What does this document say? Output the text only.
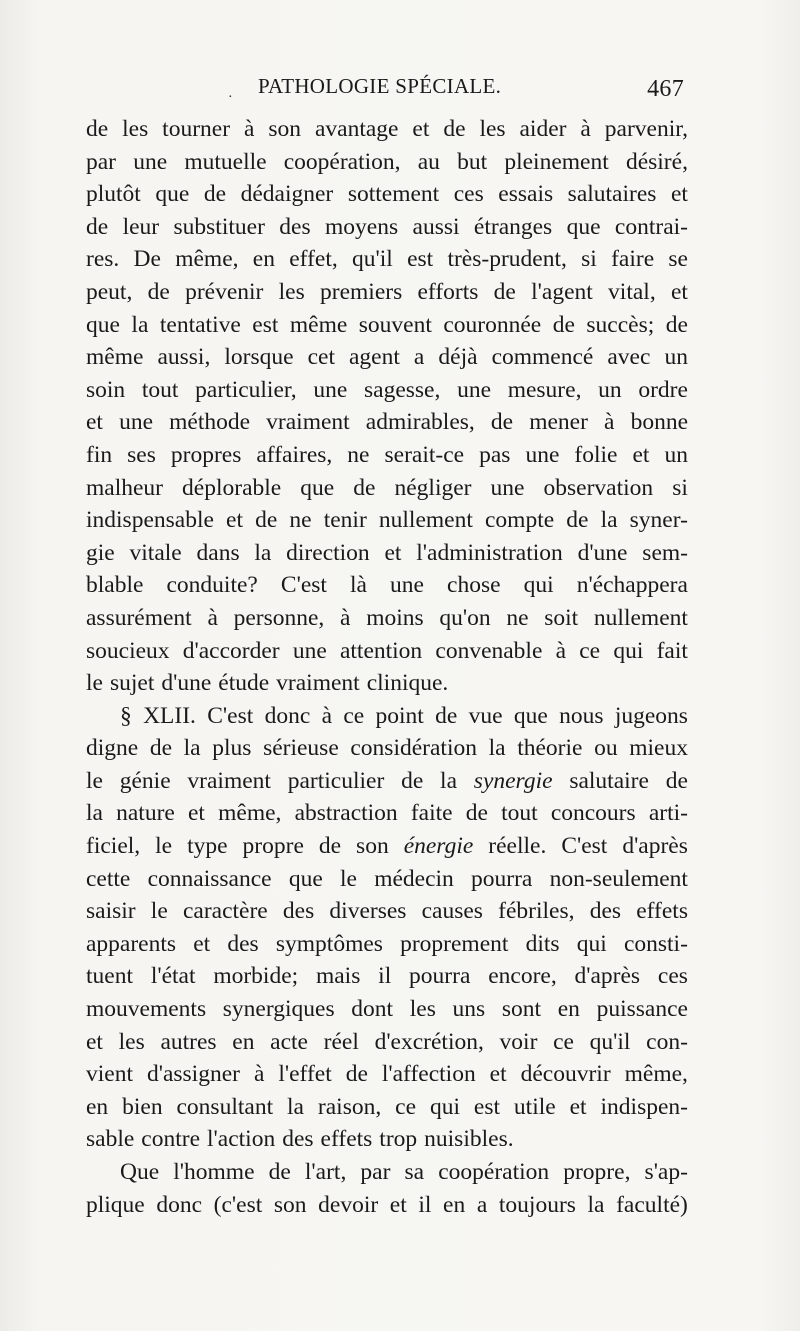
· PATHOLOGIE SPÉCIALE.	467
de les tourner à son avantage et de les aider à parvenir,
par une mutuelle coopération, au but pleinement désiré,
plutôt que de dédaigner sottement ces essais salutaires et
de leur substituer des moyens aussi étranges que contrai-
res. De même, en effet, qu'il est très-prudent, si faire se
peut, de prévenir les premiers efforts de l'agent vital, et
que la tentative est même souvent couronnée de succès; de
même aussi, lorsque cet agent a déjà commencé avec un
soin tout particulier, une sagesse, une mesure, un ordre
et une méthode vraiment admirables, de mener à bonne
fin ses propres affaires, ne serait-ce pas une folie et un
malheur déplorable que de négliger une observation si
indispensable et de ne tenir nullement compte de la syner-
gie vitale dans la direction et l'administration d'une sem-
blable conduite? C'est là une chose qui n'échappera
assurément à personne, à moins qu'on ne soit nullement
soucieux d'accorder une attention convenable à ce qui fait
le sujet d'une étude vraiment clinique.
§ XLII. C'est donc à ce point de vue que nous jugeons
digne de la plus sérieuse considération la théorie ou mieux
le génie vraiment particulier de la synergie salutaire de
la nature et même, abstraction faite de tout concours arti-
ficiel, le type propre de son énergie réelle. C'est d'après
cette connaissance que le médecin pourra non-seulement
saisir le caractère des diverses causes fébriles, des effets
apparents et des symptômes proprement dits qui consti-
tuent l'état morbide; mais il pourra encore, d'après ces
mouvements synergiques dont les uns sont en puissance
et les autres en acte réel d'excrétion, voir ce qu'il con-
vient d'assigner à l'effet de l'affection et découvrir même,
en bien consultant la raison, ce qui est utile et indispen-
sable contre l'action des effets trop nuisibles.
Que l'homme de l'art, par sa coopération propre, s'ap-
plique donc (c'est son devoir et il en a toujours la faculté)
